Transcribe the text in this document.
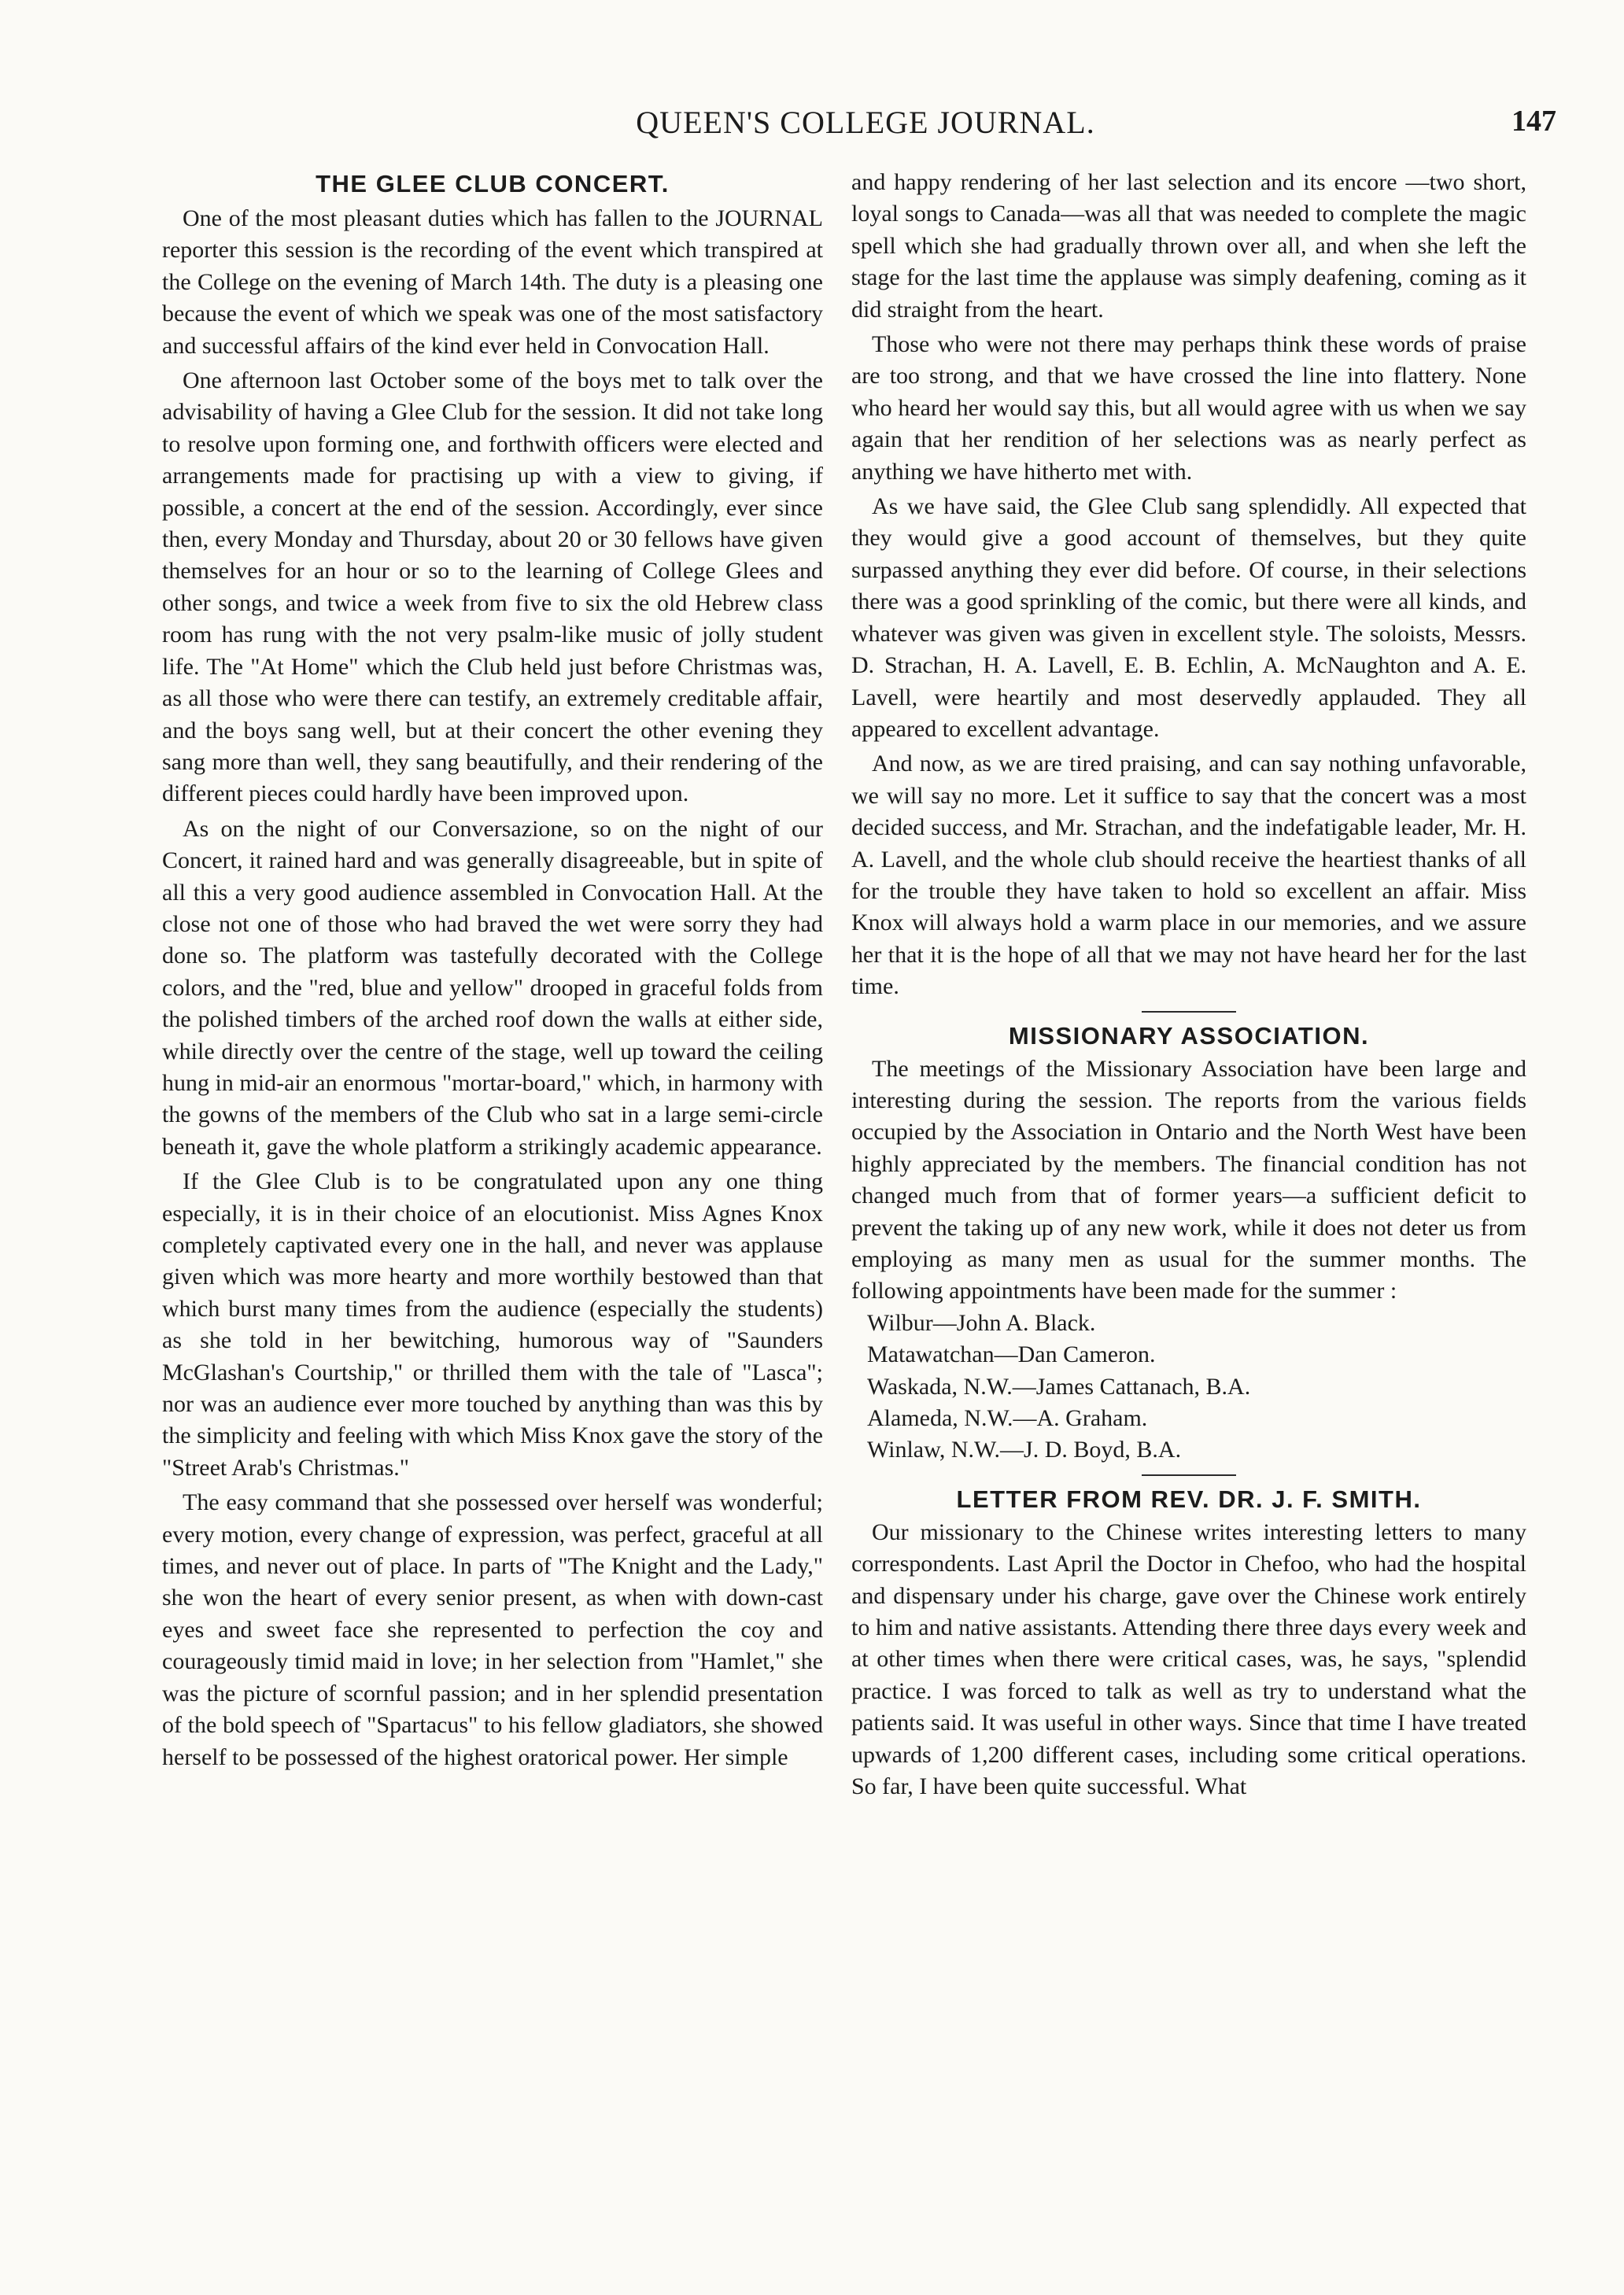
QUEEN'S COLLEGE JOURNAL.	147
THE GLEE CLUB CONCERT.

One of the most pleasant duties which has fallen to the JOURNAL reporter this session is the recording of the event which transpired at the College on the evening of March 14th. The duty is a pleasing one because the event of which we speak was one of the most satisfactory and successful affairs of the kind ever held in Convocation Hall.

One afternoon last October some of the boys met to talk over the advisability of having a Glee Club for the session. It did not take long to resolve upon forming one, and forthwith officers were elected and arrangements made for practising up with a view to giving, if possible, a concert at the end of the session. Accordingly, ever since then, every Monday and Thursday, about 20 or 30 fellows have given themselves for an hour or so to the learning of College Glees and other songs, and twice a week from five to six the old Hebrew class room has rung with the not very psalm-like music of jolly student life. The "At Home" which the Club held just before Christmas was, as all those who were there can testify, an extremely creditable affair, and the boys sang well, but at their concert the other evening they sang more than well, they sang beautifully, and their rendering of the different pieces could hardly have been improved upon.

As on the night of our Conversazione, so on the night of our Concert, it rained hard and was generally disagreeable, but in spite of all this a very good audience assembled in Convocation Hall. At the close not one of those who had braved the wet were sorry they had done so. The platform was tastefully decorated with the College colors, and the "red, blue and yellow" drooped in graceful folds from the polished timbers of the arched roof down the walls at either side, while directly over the centre of the stage, well up toward the ceiling hung in mid-air an enormous "mortar-board," which, in harmony with the gowns of the members of the Club who sat in a large semi-circle beneath it, gave the whole platform a strikingly academic appearance.

If the Glee Club is to be congratulated upon any one thing especially, it is in their choice of an elocutionist. Miss Agnes Knox completely captivated every one in the hall, and never was applause given which was more hearty and more worthily bestowed than that which burst many times from the audience (especially the students) as she told in her bewitching, humorous way of "Saunders McGlashan's Courtship," or thrilled them with the tale of "Lasca"; nor was an audience ever more touched by anything than was this by the simplicity and feeling with which Miss Knox gave the story of the "Street Arab's Christmas."

The easy command that she possessed over herself was wonderful; every motion, every change of expression, was perfect, graceful at all times, and never out of place. In parts of "The Knight and the Lady," she won the heart of every senior present, as when with down-cast eyes and sweet face she represented to perfection the coy and courageously timid maid in love; in her selection from "Hamlet," she was the picture of scornful passion; and in her splendid presentation of the bold speech of "Spartacus" to his fellow gladiators, she showed herself to be possessed of the highest oratorical power. Her simple

and happy rendering of her last selection and its encore —two short, loyal songs to Canada—was all that was needed to complete the magic spell which she had gradually thrown over all, and when she left the stage for the last time the applause was simply deafening, coming as it did straight from the heart.

Those who were not there may perhaps think these words of praise are too strong, and that we have crossed the line into flattery. None who heard her would say this, but all would agree with us when we say again that her rendition of her selections was as nearly perfect as anything we have hitherto met with.

As we have said, the Glee Club sang splendidly. All expected that they would give a good account of themselves, but they quite surpassed anything they ever did before. Of course, in their selections there was a good sprinkling of the comic, but there were all kinds, and whatever was given was given in excellent style. The soloists, Messrs. D. Strachan, H. A. Lavell, E. B. Echlin, A. McNaughton and A. E. Lavell, were heartily and most deservedly applauded. They all appeared to excellent advantage.

And now, as we are tired praising, and can say nothing unfavorable, we will say no more. Let it suffice to say that the concert was a most decided success, and Mr. Strachan, and the indefatigable leader, Mr. H. A. Lavell, and the whole club should receive the heartiest thanks of all for the trouble they have taken to hold so excellent an affair. Miss Knox will always hold a warm place in our memories, and we assure her that it is the hope of all that we may not have heard her for the last time.

MISSIONARY ASSOCIATION.

The meetings of the Missionary Association have been large and interesting during the session. The reports from the various fields occupied by the Association in Ontario and the North West have been highly appreciated by the members. The financial condition has not changed much from that of former years—a sufficient deficit to prevent the taking up of any new work, while it does not deter us from employing as many men as usual for the summer months. The following appointments have been made for the summer :

Wilbur—John A. Black.
Matawatchan—Dan Cameron.
Waskada, N.W.—James Cattanach, B.A.
Alameda, N.W.—A. Graham.
Winlaw, N.W.—J. D. Boyd, B.A.
LETTER FROM REV. DR. J. F. SMITH.

Our missionary to the Chinese writes interesting letters to many correspondents. Last April the Doctor in Chefoo, who had the hospital and dispensary under his charge, gave over the Chinese work entirely to him and native assistants. Attending there three days every week and at other times when there were critical cases, was, he says, "splendid practice. I was forced to talk as well as try to understand what the patients said. It was useful in other ways. Since that time I have treated upwards of 1,200 different cases, including some critical operations. So far, I have been quite successful. What
